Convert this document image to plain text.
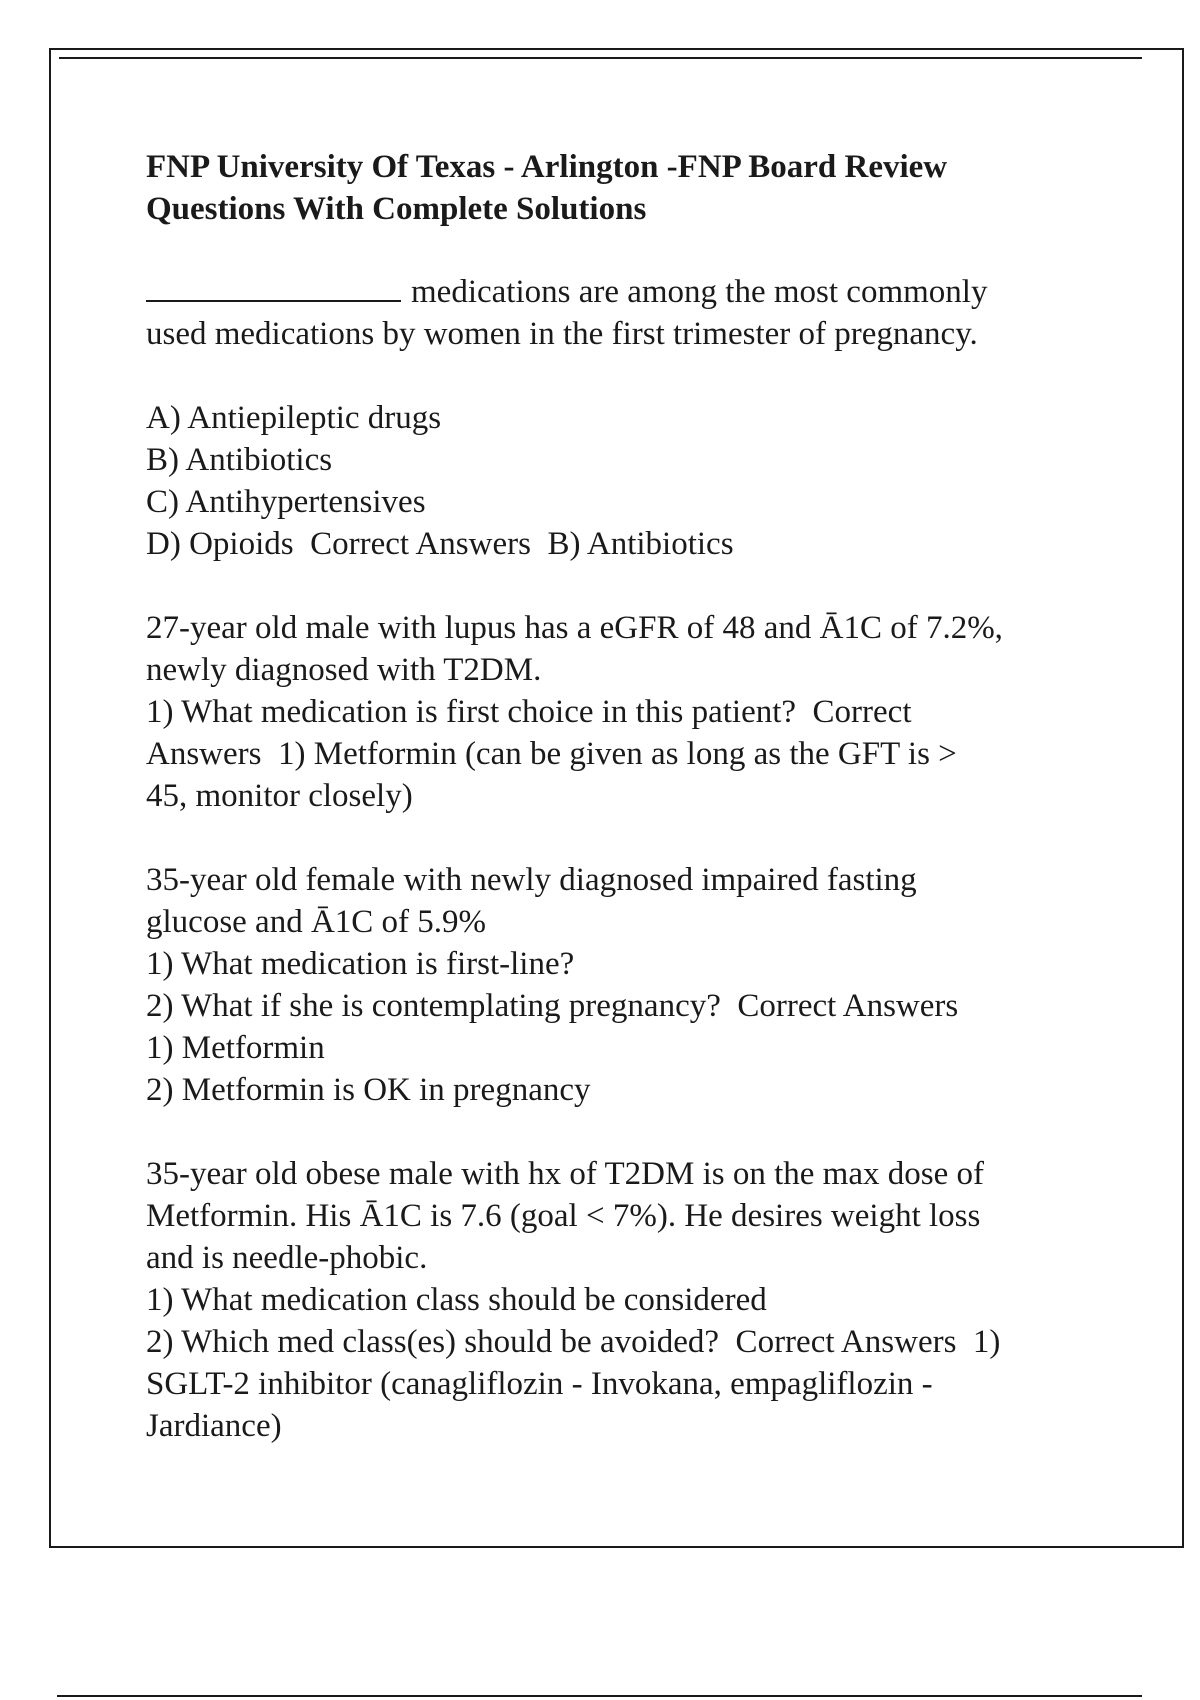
FNP University Of Texas - Arlington -FNP Board Review
Questions With Complete Solutions
medications are among the most commonly
used medications by women in the first trimester of pregnancy.
A) Antiepileptic drugs
B) Antibiotics
C) Antihypertensives
D) Opioids  Correct Answers  B) Antibiotics
27-year old male with lupus has a eGFR of 48 and Ā1C of 7.2%,
newly diagnosed with T2DM.
1) What medication is first choice in this patient?  Correct
Answers  1) Metformin (can be given as long as the GFT is >
45, monitor closely)
35-year old female with newly diagnosed impaired fasting
glucose and Ā1C of 5.9%
1) What medication is first-line?
2) What if she is contemplating pregnancy?  Correct Answers
1) Metformin
2) Metformin is OK in pregnancy
35-year old obese male with hx of T2DM is on the max dose of
Metformin. His Ā1C is 7.6 (goal < 7%). He desires weight loss
and is needle-phobic.
1) What medication class should be considered
2) Which med class(es) should be avoided?  Correct Answers  1)
SGLT-2 inhibitor (canagliflozin - Invokana, empagliflozin -
Jardiance)
